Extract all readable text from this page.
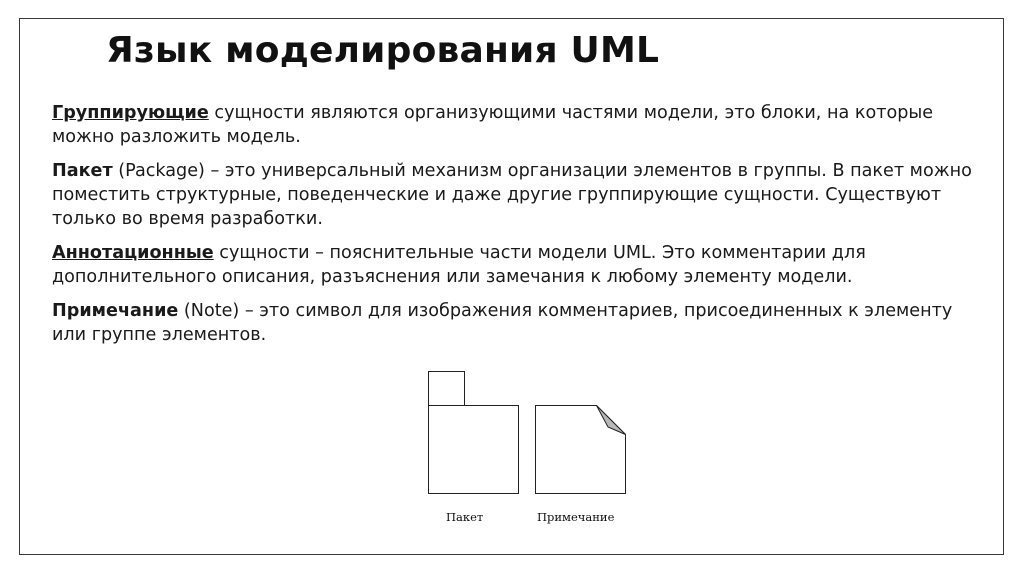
Язык моделирования UML

Группирующие сущности являются организующими частями модели, это блоки, на которые можно разложить модель.

Пакет (Package) – это универсальный механизм организации элементов в группы. В пакет можно поместить структурные, поведенческие и даже другие группирующие сущности. Существуют только во время разработки.

Аннотационные сущности – пояснительные части модели UML. Это комментарии для дополнительного описания, разъяснения или замечания к любому элементу модели.

Примечание (Note) – это символ для изображения комментариев, присоединенных к элементу или группе элементов.

Пакет	Примечание
